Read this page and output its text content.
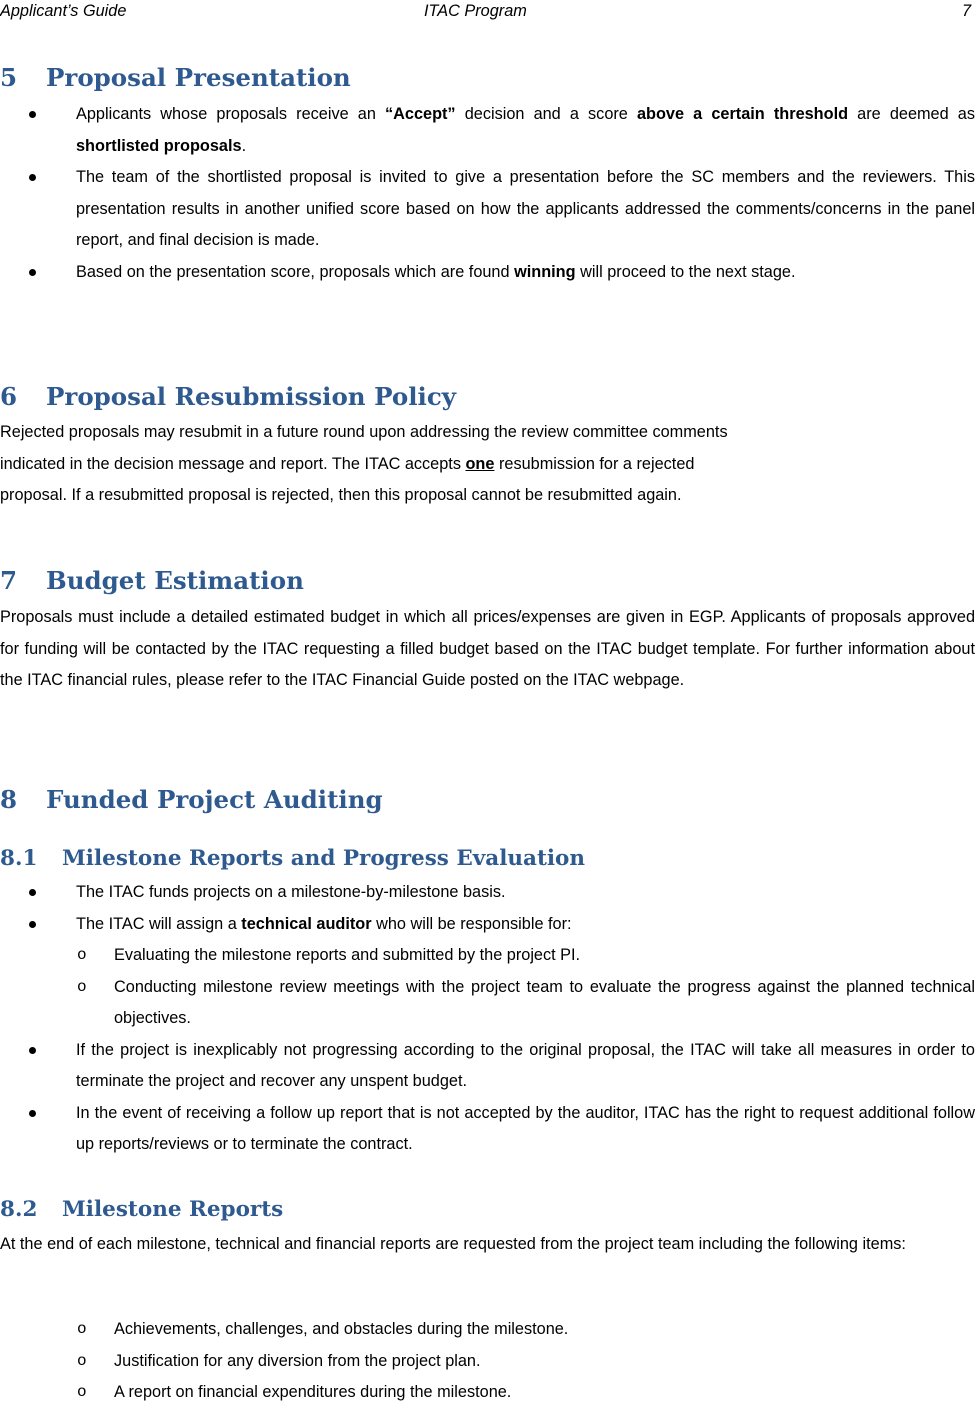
Applicant’s Guide	ITAC Program	7
5 Proposal Presentation
Applicants whose proposals receive an “Accept” decision and a score above a certain threshold are deemed as shortlisted proposals.
The team of the shortlisted proposal is invited to give a presentation before the SC members and the reviewers. This presentation results in another unified score based on how the applicants addressed the comments/concerns in the panel report, and final decision is made.
Based on the presentation score, proposals which are found winning will proceed to the next stage.
6 Proposal Resubmission Policy
Rejected proposals may resubmit in a future round upon addressing the review committee comments
indicated in the decision message and report. The ITAC accepts one resubmission for a rejected
proposal. If a resubmitted proposal is rejected, then this proposal cannot be resubmitted again.
7 Budget Estimation

Proposals must include a detailed estimated budget in which all prices/expenses are given in EGP. Applicants of proposals approved for funding will be contacted by the ITAC requesting a filled budget based on the ITAC budget template. For further information about the ITAC financial rules, please refer to the ITAC Financial Guide posted on the ITAC webpage.

8 Funded Project Auditing
8.1 Milestone Reports and Progress Evaluation
The ITAC funds projects on a milestone-by-milestone basis.
The ITAC will assign a technical auditor who will be responsible for:
o Evaluating the milestone reports and submitted by the project PI.
o Conducting milestone review meetings with the project team to evaluate the progress against the planned technical objectives.
If the project is inexplicably not progressing according to the original proposal, the ITAC will take all measures in order to terminate the project and recover any unspent budget.
In the event of receiving a follow up report that is not accepted by the auditor, ITAC has the right to request additional follow up reports/reviews or to terminate the contract.
8.2 Milestone Reports

At the end of each milestone, technical and financial reports are requested from the project team including the following items:

o Achievements, challenges, and obstacles during the milestone.
o Justification for any diversion from the project plan.
o A report on financial expenditures during the milestone.
